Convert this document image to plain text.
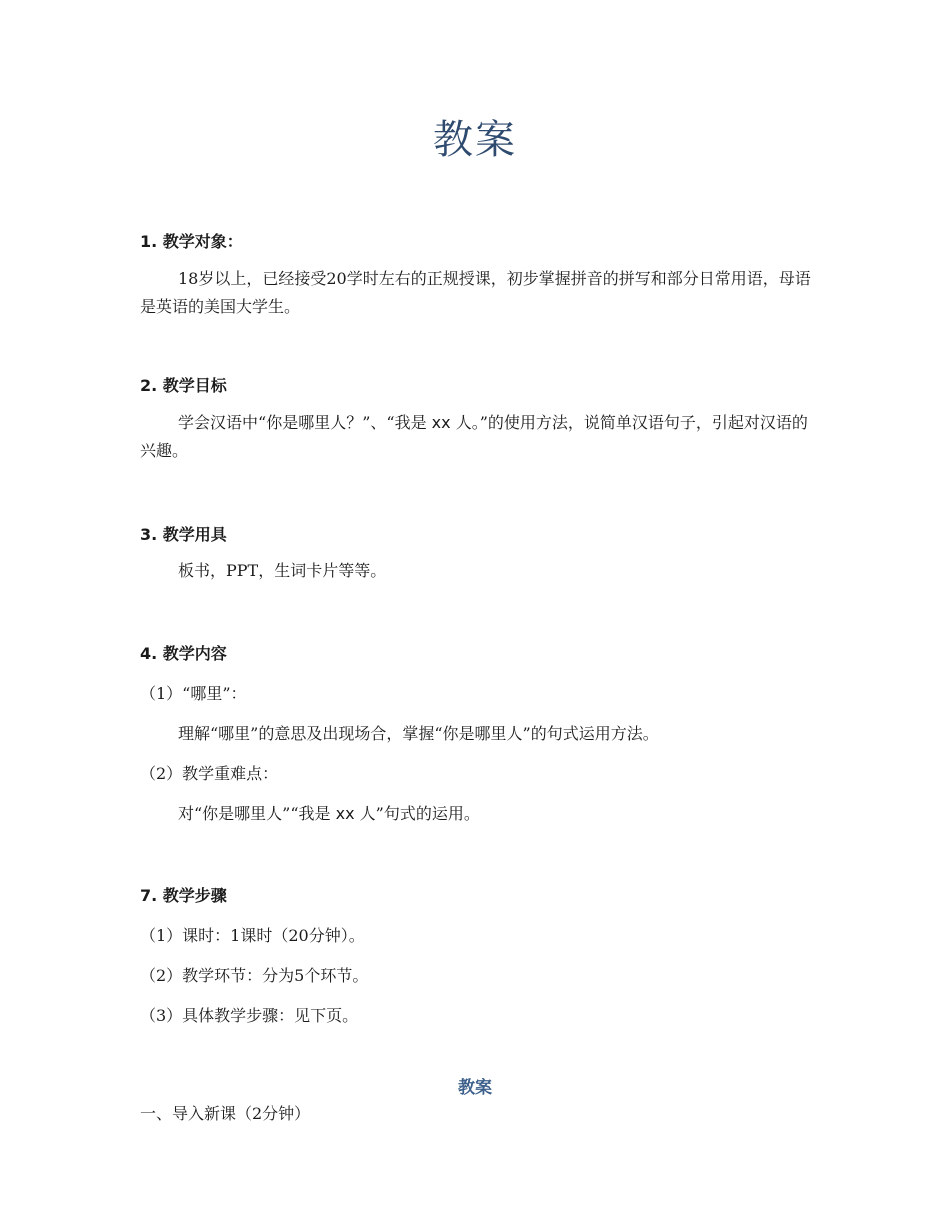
教案
1. 教学对象：

18岁以上，已经接受20学时左右的正规授课，初步掌握拼音的拼写和部分日常用语，母语是英语的美国大学生。

2. 教学目标

学会汉语中“你是哪里人？”、“我是 xx 人。”的使用方法，说简单汉语句子，引起对汉语的兴趣。

3. 教学用具

板书，PPT，生词卡片等等。

4. 教学内容
（1）“哪里”：
理解“哪里”的意思及出现场合，掌握“你是哪里人”的句式运用方法。
（2）教学重难点：
对“你是哪里人”“我是 xx 人”句式的运用。
7. 教学步骤
（1）课时：1课时（20分钟）。
（2）教学环节：分为5个环节。
（3）具体教学步骤：见下页。
教案
一、导入新课（2分钟）
